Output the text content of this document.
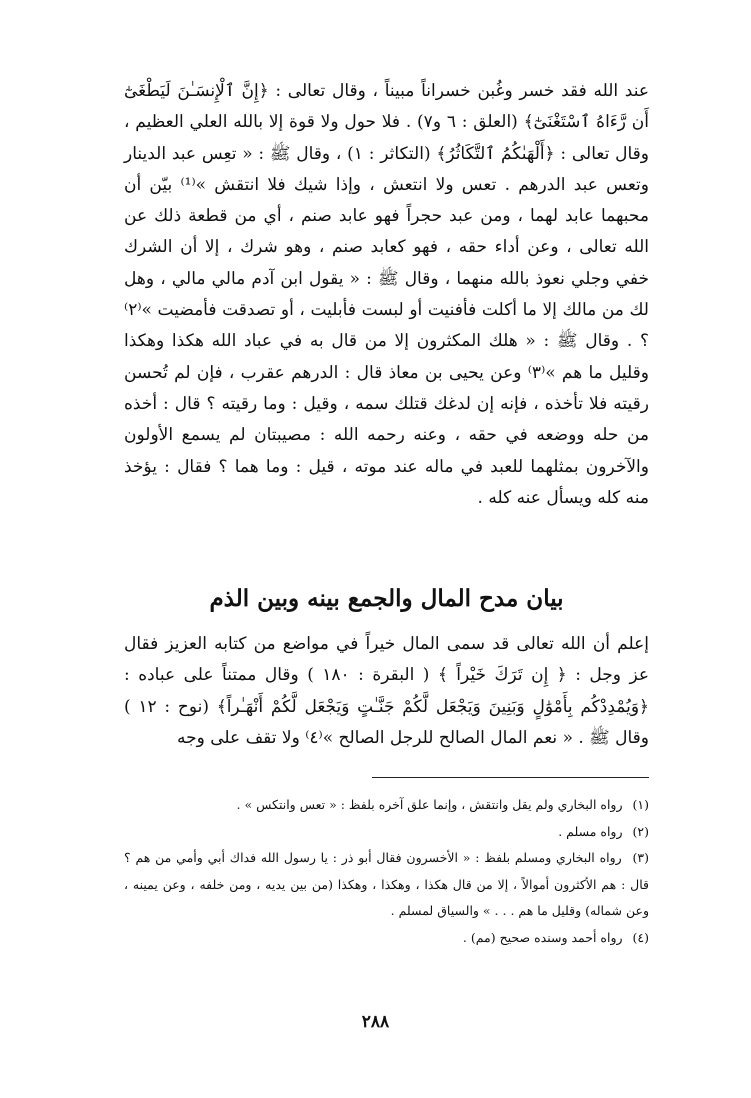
عند الله فقد خسر وغُبن خسراناً مبيناً ، وقال تعالى : ﴿إِنَّ ٱلْإِنسَـٰنَ لَيَطْغَىٰٓ أَن رَّءَاهُ ٱسْتَغْنَىٰٓ﴾ (العلق : ٦ و٧) . فلا حول ولا قوة إلا بالله العلي العظيم ، وقال تعالى : ﴿أَلْهَىٰكُمُ ٱلتَّكَاثُرُ﴾ (التكاثر : ١) ، وقال ﷺ : « تعِس عبد الدينار وتعس عبد الدرهم . تعس ولا انتعش ، وإذا شيك فلا انتقش »⁽¹⁾ بيّن أن محبهما عابد لهما ، ومن عبد حجراً فهو عابد صنم ، أي من قطعة ذلك عن الله تعالى ، وعن أداء حقه ، فهو كعابد صنم ، وهو شرك ، إلا أن الشرك خفي وجلي نعوذ بالله منهما ، وقال ﷺ : « يقول ابن آدم مالي مالي ، وهل لك من مالك إلا ما أكلت فأفنيت أو لبست فأبليت ، أو تصدقت فأمضيت »⁽٢⁾ ؟ . وقال ﷺ : « هلك المكثرون إلا من قال به في عباد الله هكذا وهكذا وقليل ما هم »⁽٣⁾ وعن يحيى بن معاذ قال : الدرهم عقرب ، فإن لم تُحسن رقيته فلا تأخذه ، فإنه إن لدغك قتلك سمه ، وقيل : وما رقيته ؟ قال : أخذه من حله ووضعه في حقه ، وعنه رحمه الله : مصيبتان لم يسمع الأولون والآخرون بمثلهما للعبد في ماله عند موته ، قيل : وما هما ؟ فقال : يؤخذ منه كله ويسأل عنه كله .

بيان مدح المال والجمع بينه وبين الذم

إعلم أن الله تعالى قد سمى المال خيراً في مواضع من كتابه العزيز فقال عز وجل : ﴿ إِن تَرَكَ خَيْراً ﴾ ( البقرة : ١٨٠ ) وقال ممتناً على عباده : ﴿وَيُمْدِدْكُم بِأَمْوَٰلٍ وَبَنِينَ وَيَجْعَل لَّكُمْ جَنَّـٰتٍ وَيَجْعَل لَّكُمْ أَنْهَـٰراً﴾ (نوح : ١٢ ) وقال ﷺ . « نعم المال الصالح للرجل الصالح »⁽٤⁾ ولا تقف على وجه

(١) رواه البخاري ولم يقل وانتقش ، وإنما علق آخره بلفظ : « تعس وانتكس » .

(٢) رواه مسلم .

(٣) رواه البخاري ومسلم بلفظ : « الأخسرون فقال أبو ذر : يا رسول الله فداك أبي وأمي من هم ؟ قال : هم الأكثرون أموالاً ، إلا من قال هكذا ، وهكذا ، وهكذا (من بين يديه ، ومن خلفه ، وعن يمينه ، وعن شماله) وقليل ما هم . . . » والسياق لمسلم .

(٤) رواه أحمد وسنده صحيح (مم) .

٢٨٨
